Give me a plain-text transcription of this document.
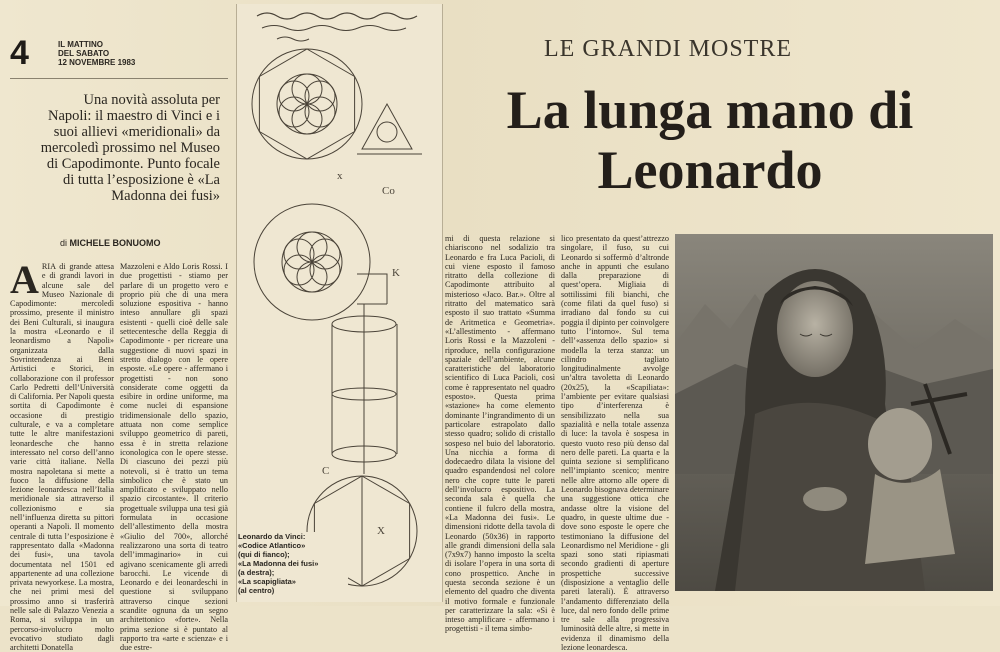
4	IL MATTINO
DEL SABATO
12 NOVEMBRE 1983
Una novità assoluta per Napoli: il maestro di Vinci e i suoi allievi «meridionali» da mercoledì prossimo nel Museo di Capodimonte. Punto focale di tutta l’esposizione è «La Madonna dei fusi»
di MICHELE BONUOMO
ARIA di grande attesa e di grandi lavori in alcune sale del Museo Nazionale di Capodimonte: mercoledì prossimo, presente il ministro dei Beni Culturali, si inaugura la mostra «Leonardo e il leonardismo a Napoli» organizzata dalla Sovrintendenza ai Beni Artistici e Storici, in collaborazione con il professor Carlo Pedretti dell’Università di California. Per Napoli questa sortita di Capodimonte è occasione di prestigio culturale, e va a completare tutte le altre manifestazioni leonardesche che hanno interessato nel corso dell’anno varie città italiane. Nella mostra napoletana si mette a fuoco la diffusione della lezione leonardesca nell’Italia meridionale sia attraverso il collezionismo e sia nell’influenza diretta su pittori operanti a Napoli. Il momento centrale di tutta l’esposizione è rappresentato dalla «Madonna dei fusi», una tavola documentata nel 1501 ed appartenente ad una collezione privata newyorkese. La mostra, che nei primi mesi del prossimo anno si trasferirà nelle sale di Palazzo Venezia a Roma, si sviluppa in un percorso-involucro molto evocativo studiato dagli architetti Donatella
Mazzoleni e Aldo Loris Rossi. I due progettisti - stiamo per parlare di un progetto vero e proprio più che di una mera soluzione espositiva - hanno inteso annullare gli spazi esistenti - quelli cioè delle sale settecentesche della Reggia di Capodimonte - per ricreare una suggestione di nuovi spazi in stretto dialogo con le opere esposte. «Le opere - affermano i progettisti - non sono considerate come oggetti da esibire in ordine uniforme, ma come nuclei di espansione tridimensionale dello spazio, attuata non come semplice sviluppo geometrico di pareti, essa è in stretta relazione iconologica con le opere stesse. Di ciascuno dei pezzi più notevoli, si è tratto un tema simbolico che è stato un amplificato e sviluppato nello spazio circostante». Il criterio progettuale sviluppa una tesi già formulata in occasione dell’allestimento della mostra «Giulio del 700», allorché realizzarono una sorta di teatro dell’immaginario» in cui agivano scenicamente gli arredi barocchi. Le vicende di Leonardo e dei leonardeschi in questione si sviluppano attraverso cinque sezioni scandite ognuna da un segno architettonico «forte». Nella prima sezione si è puntato al rapporto tra «arte e scienza» e i due estre-
K
C
X
Co
x
Leonardo da Vinci:
«Codice Atlantico»
(qui di fianco);
«La Madonna dei fusi»
(a destra);
«La scapigliata»
(al centro)
LE GRANDI MOSTRE
La lunga mano di Leonardo
mi di questa relazione si chiariscono nel sodalizio tra Leonardo e fra Luca Pacioli, di cui viene esposto il famoso ritratto della collezione di Capodimonte attribuito al misterioso «Jaco. Bar.». Oltre al ritratto del matematico sarà esposto il suo trattato «Summa de Aritmetica e Geometria». «L’allestimento - affermano Loris Rossi e la Mazzoleni - riproduce, nella configurazione spaziale dell’ambiente, alcune caratteristiche del laboratorio scientifico di Luca Pacioli, così come è rappresentato nel quadro esposto». Questa prima «stazione» ha come elemento dominante l’ingrandimento di un particolare estrapolato dallo stesso quadro; solido di cristallo sospeso nel buio del laboratorio. Una nicchia a forma di dodecaedro dilata la visione del quadro espandendosi nel colore nero che copre tutte le pareti dell’involucro espositivo. La seconda sala è quella che contiene il fulcro della mostra, «La Madonna dei fusi». Le dimensioni ridotte della tavola di Leonardo (50x36) in rapporto alle grandi dimensioni della sala (7x9x7) hanno imposto la scelta di isolare l’opera in una sorta di cono prospettico. Anche in questa seconda sezione è un elemento del quadro che diventa il motivo formale e funzionale per caratterizzare la sala: «Si è inteso amplificare - affermano i progettisti - il tema simbo-
lico presentato da quest’attrezzo singolare, il fuso, su cui Leonardo si soffermò d’altronde anche in appunti che esulano dalla preparazione di quest’opera. Migliaia di sottilissimi fili bianchi, che (come filati da quel fuso) si irradiano dal fondo su cui poggia il dipinto per coinvolgere tutto l’intorno». Sul tema dell’«assenza dello spazio» si modella la terza stanza: un cilindro tagliato longitudinalmente avvolge un’altra tavoletta di Leonardo (20x25), la «Scapiliata»: l’ambiente per evitare qualsiasi tipo d’interferenza è sensibilizzato nella sua spazialità e nella totale assenza di luce: la tavola è sospesa in questo vuoto reso più denso dal nero delle pareti. La quarta e la quinta sezione si semplificano nell’impianto scenico; mentre nelle altre attorno alle opere di Leonardo bisognava determinare una suggestione ottica che andasse oltre la visione del quadro, in queste ultime due - dove sono esposte le opere che testimoniano la diffusione del Leonardismo nel Meridione - gli spazi sono stati ripiasmati secondo gradienti di aperture prospettiche successive (disposizione a ventaglio delle pareti laterali). È attraverso l’andamento differenziato della luce, dal nero fondo delle prime tre sale alla progressiva luminosità delle altre, si mette in evidenza il dinamismo della lezione leonardesca.
